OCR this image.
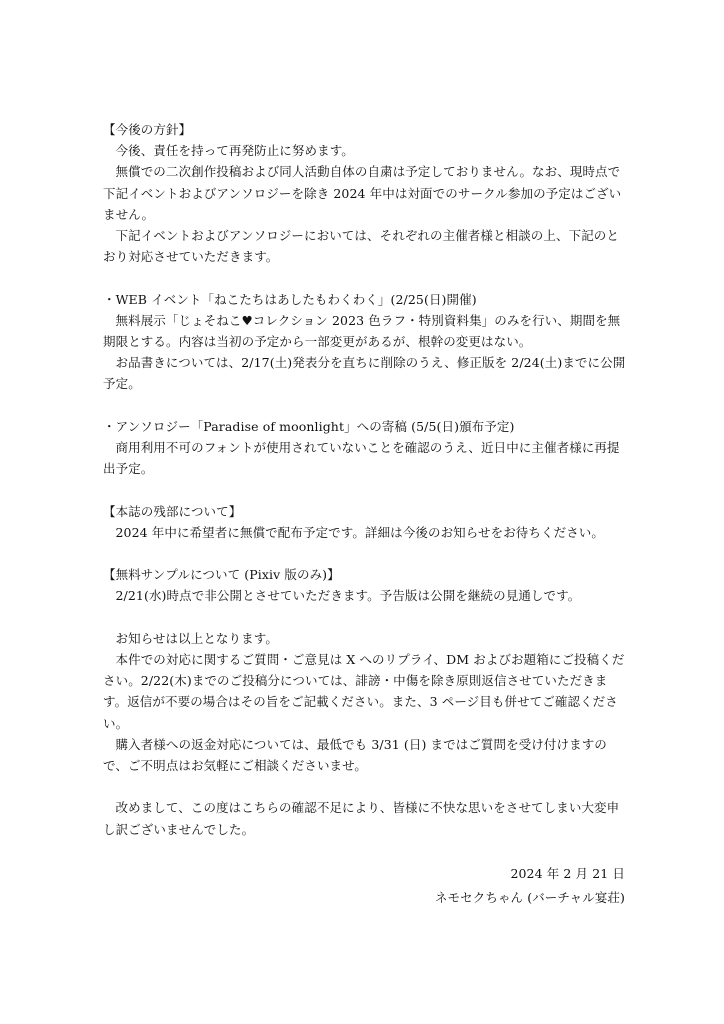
【今後の方針】

今後、責任を持って再発防止に努めます。

無償での二次創作投稿および同人活動自体の自粛は予定しておりません。なお、現時点で下記イベントおよびアンソロジーを除き 2024 年中は対面でのサークル参加の予定はございません。

下記イベントおよびアンソロジーにおいては、それぞれの主催者様と相談の上、下記のとおり対応させていただきます。

・WEB イベント「ねこたちはあしたもわくわく」(2/25(日)開催)

無料展示「じょそねこ♥コレクション 2023 色ラフ・特別資料集」のみを行い、期間を無期限とする。内容は当初の予定から一部変更があるが、根幹の変更はない。

お品書きについては、2/17(土)発表分を直ちに削除のうえ、修正版を 2/24(土)までに公開予定。

・アンソロジー「Paradise of moonlight」への寄稿 (5/5(日)頒布予定)

商用利用不可のフォントが使用されていないことを確認のうえ、近日中に主催者様に再提出予定。

【本誌の残部について】

2024 年中に希望者に無償で配布予定です。詳細は今後のお知らせをお待ちください。

【無料サンプルについて (Pixiv 版のみ)】

2/21(水)時点で非公開とさせていただきます。予告版は公開を継続の見通しです。

お知らせは以上となります。

本件での対応に関するご質問・ご意見は X へのリプライ、DM およびお題箱にご投稿ください。2/22(木)までのご投稿分については、誹謗・中傷を除き原則返信させていただきます。返信が不要の場合はその旨をご記載ください。また、3 ページ目も併せてご確認ください。

購入者様への返金対応については、最低でも 3/31 (日) まではご質問を受け付けますので、ご不明点はお気軽にご相談くださいませ。

改めまして、この度はこちらの確認不足により、皆様に不快な思いをさせてしまい大変申し訳ございませんでした。

2024 年 2 月 21 日
ネモセクちゃん (バーチャル宴荘)
